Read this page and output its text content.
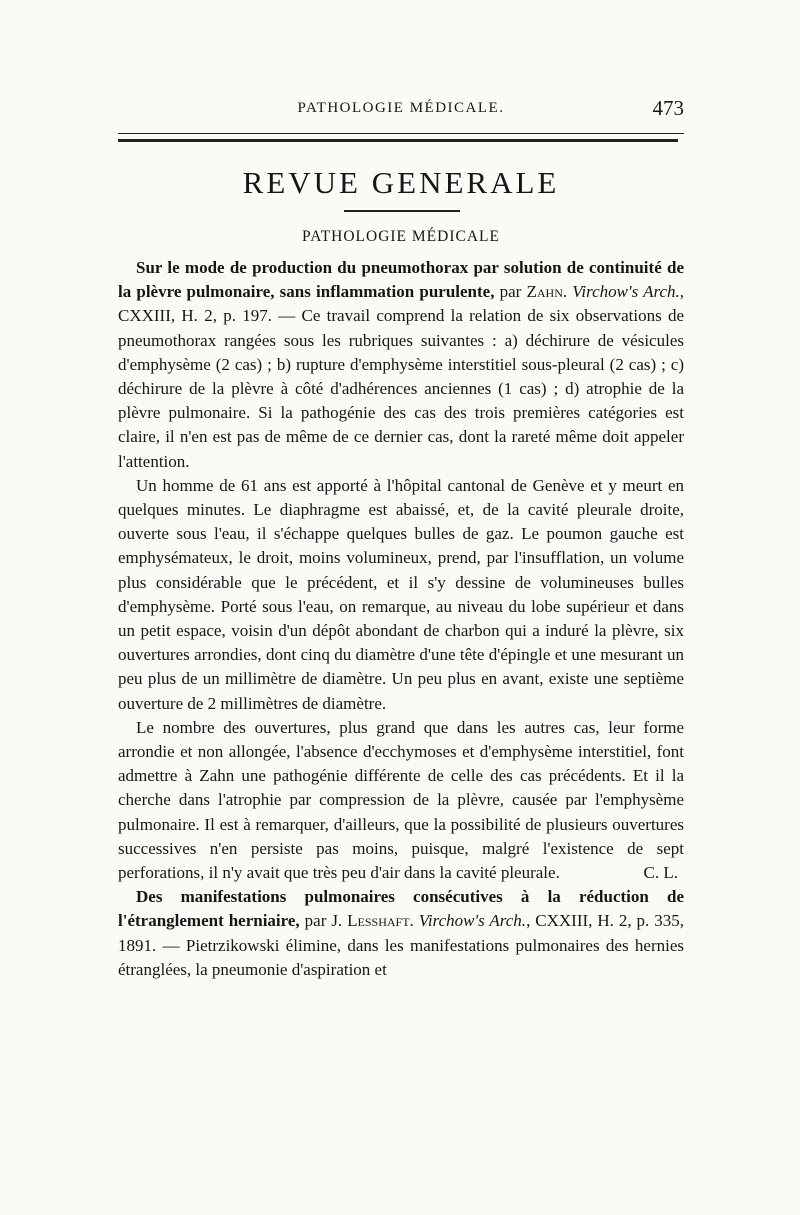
PATHOLOGIE MÉDICALE.	473
REVUE GENERALE
PATHOLOGIE MÉDICALE

Sur le mode de production du pneumothorax par solution de continuité de la plèvre pulmonaire, sans inflammation purulente, par Zahn. Virchow's Arch., CXXIII, H. 2, p. 197. — Ce travail comprend la relation de six observations de pneumothorax rangées sous les rubriques suivantes : a) déchirure de vésicules d'emphysème (2 cas) ; b) rupture d'emphysème interstitiel sous-pleural (2 cas) ; c) déchirure de la plèvre à côté d'adhérences anciennes (1 cas) ; d) atrophie de la plèvre pulmonaire. Si la pathogénie des cas des trois premières catégories est claire, il n'en est pas de même de ce dernier cas, dont la rareté même doit appeler l'attention.

Un homme de 61 ans est apporté à l'hôpital cantonal de Genève et y meurt en quelques minutes. Le diaphragme est abaissé, et, de la cavité pleurale droite, ouverte sous l'eau, il s'échappe quelques bulles de gaz. Le poumon gauche est emphysémateux, le droit, moins volumineux, prend, par l'insufflation, un volume plus considérable que le précédent, et il s'y dessine de volumineuses bulles d'emphysème. Porté sous l'eau, on remarque, au niveau du lobe supérieur et dans un petit espace, voisin d'un dépôt abondant de charbon qui a induré la plèvre, six ouvertures arrondies, dont cinq du diamètre d'une tête d'épingle et une mesurant un peu plus de un millimètre de diamètre. Un peu plus en avant, existe une septième ouverture de 2 millimètres de diamètre.

Le nombre des ouvertures, plus grand que dans les autres cas, leur forme arrondie et non allongée, l'absence d'ecchymoses et d'emphysème interstitiel, font admettre à Zahn une pathogénie différente de celle des cas précédents. Et il la cherche dans l'atrophie par compression de la plèvre, causée par l'emphysème pulmonaire. Il est à remarquer, d'ailleurs, que la possibilité de plusieurs ouvertures successives n'en persiste pas moins, puisque, malgré l'existence de sept perforations, il n'y avait que très peu d'air dans la cavité pleurale.	C. L.

Des manifestations pulmonaires consécutives à la réduction de l'étranglement herniaire, par J. Lesshaft. Virchow's Arch., CXXIII, H. 2, p. 335, 1891. — Pietrzikowski élimine, dans les manifestations pulmonaires des hernies étranglées, la pneumonie d'aspiration et
